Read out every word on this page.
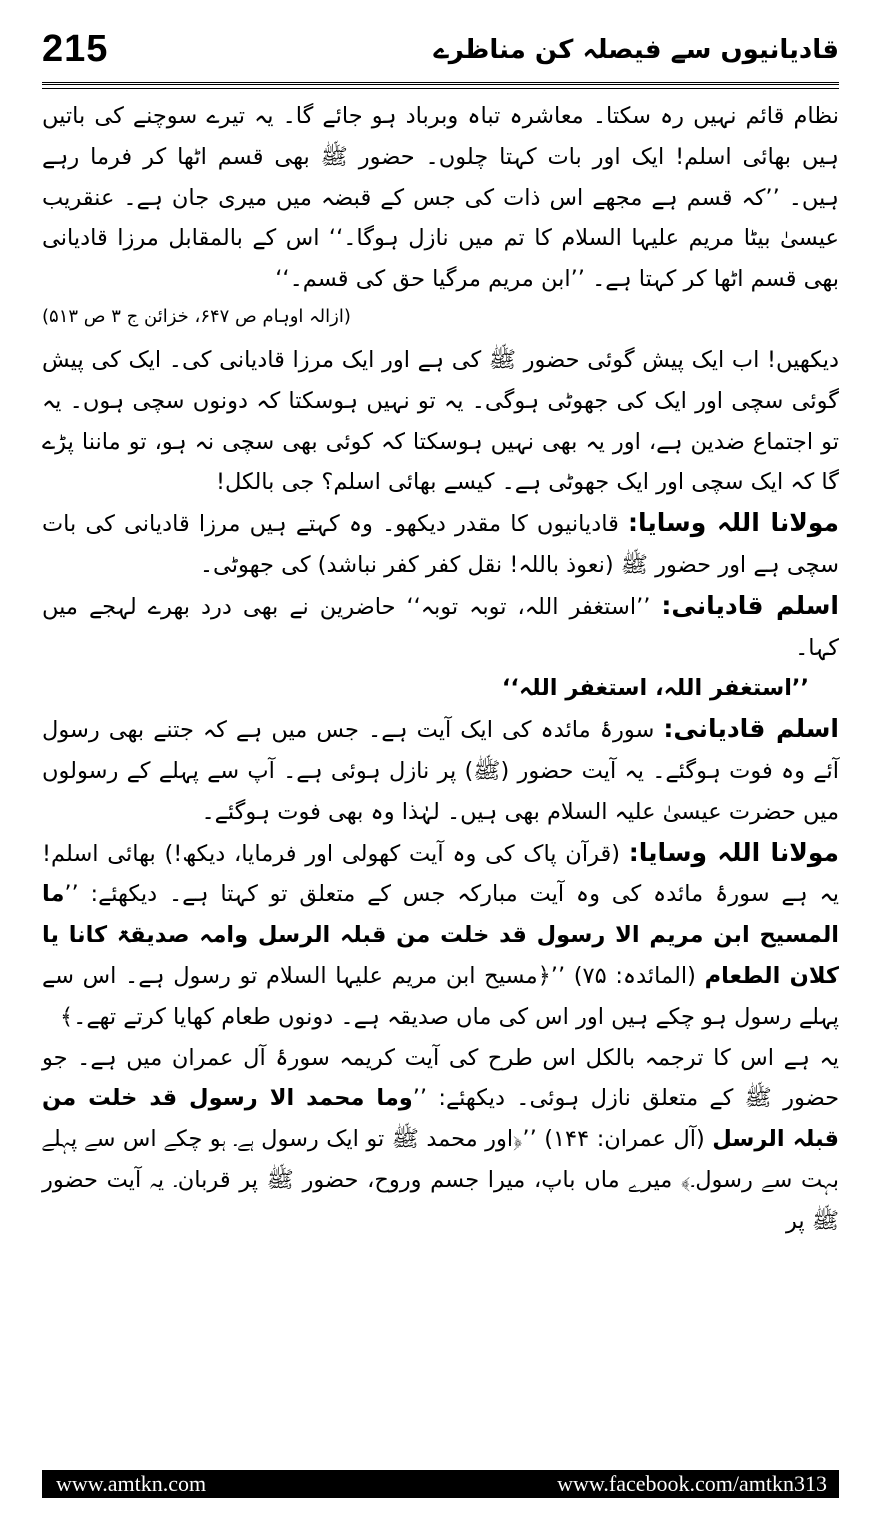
215	قادیانیوں سے فیصلہ کن مناظرے

نظام قائم نہیں رہ سکتا۔ معاشرہ تباہ وبرباد ہو جائے گا۔ یہ تیرے سوچنے کی باتیں ہیں بھائی اسلم! ایک اور بات کہتا چلوں۔ حضور ﷺ بھی قسم اٹھا کر فرما رہے ہیں۔ ’’کہ قسم ہے مجھے اس ذات کی جس کے قبضہ میں میری جان ہے۔ عنقریب عیسیٰ بیٹا مریم علیہا السلام کا تم میں نازل ہوگا۔‘‘ اس کے بالمقابل مرزا قادیانی بھی قسم اٹھا کر کہتا ہے۔ ’’ابن مریم مرگیا حق کی قسم۔‘‘

(ازالہ اوہام ص ۶۴۷، خزائن ج ۳ ص ۵۱۳)

دیکھیں! اب ایک پیش گوئی حضور ﷺ کی ہے اور ایک مرزا قادیانی کی۔ ایک کی پیش گوئی سچی اور ایک کی جھوٹی ہوگی۔ یہ تو نہیں ہوسکتا کہ دونوں سچی ہوں۔ یہ تو اجتماع ضدین ہے، اور یہ بھی نہیں ہوسکتا کہ کوئی بھی سچی نہ ہو، تو ماننا پڑے گا کہ ایک سچی اور ایک جھوٹی ہے۔ کیسے بھائی اسلم؟ جی بالکل!

مولانا اللہ وسایا: قادیانیوں کا مقدر دیکھو۔ وہ کہتے ہیں مرزا قادیانی کی بات سچی ہے اور حضور ﷺ (نعوذ باللہ! نقل کفر کفر نباشد) کی جھوٹی۔

اسلم قادیانی: ’’استغفر اللہ، توبہ توبہ‘‘ حاضرین نے بھی درد بھرے لہجے میں کہا۔

’’استغفر اللہ، استغفر اللہ‘‘

اسلم قادیانی: سورۂ مائدہ کی ایک آیت ہے۔ جس میں ہے کہ جتنے بھی رسول آئے وہ فوت ہوگئے۔ یہ آیت حضور (ﷺ) پر نازل ہوئی ہے۔ آپ سے پہلے کے رسولوں میں حضرت عیسیٰ علیہ السلام بھی ہیں۔ لہٰذا وہ بھی فوت ہوگئے۔

مولانا اللہ وسایا: (قرآن پاک کی وہ آیت کھولی اور فرمایا، دیکھ!) بھائی اسلم! یہ ہے سورۂ مائدہ کی وہ آیت مبارکہ جس کے متعلق تو کہتا ہے۔ دیکھئے: ’’ما المسیح ابن مریم الا رسول قد خلت من قبلہ الرسل وامہ صدیقۃ کانا یا کلان الطعام (المائدہ: ۷۵) ’’﴿مسیح ابن مریم علیہا السلام تو رسول ہے۔ اس سے پہلے رسول ہو چکے ہیں اور اس کی ماں صدیقہ ہے۔ دونوں طعام کھایا کرتے تھے۔﴾

یہ ہے اس کا ترجمہ بالکل اس طرح کی آیت کریمہ سورۂ آل عمران میں ہے۔ جو حضور ﷺ کے متعلق نازل ہوئی۔ دیکھئے: ’’وما محمد الا رسول قد خلت من قبلہ الرسل (آل عمران: ۱۴۴) ’’﴿اور محمد ﷺ تو ایک رسول ہے۔ ہو چکے اس سے پہلے بہت سے رسول۔﴾ میرے ماں باپ، میرا جسم وروح، حضور ﷺ پر قربان۔ یہ آیت حضور ﷺ پر

www.amtkn.com	www.facebook.com/amtkn313
